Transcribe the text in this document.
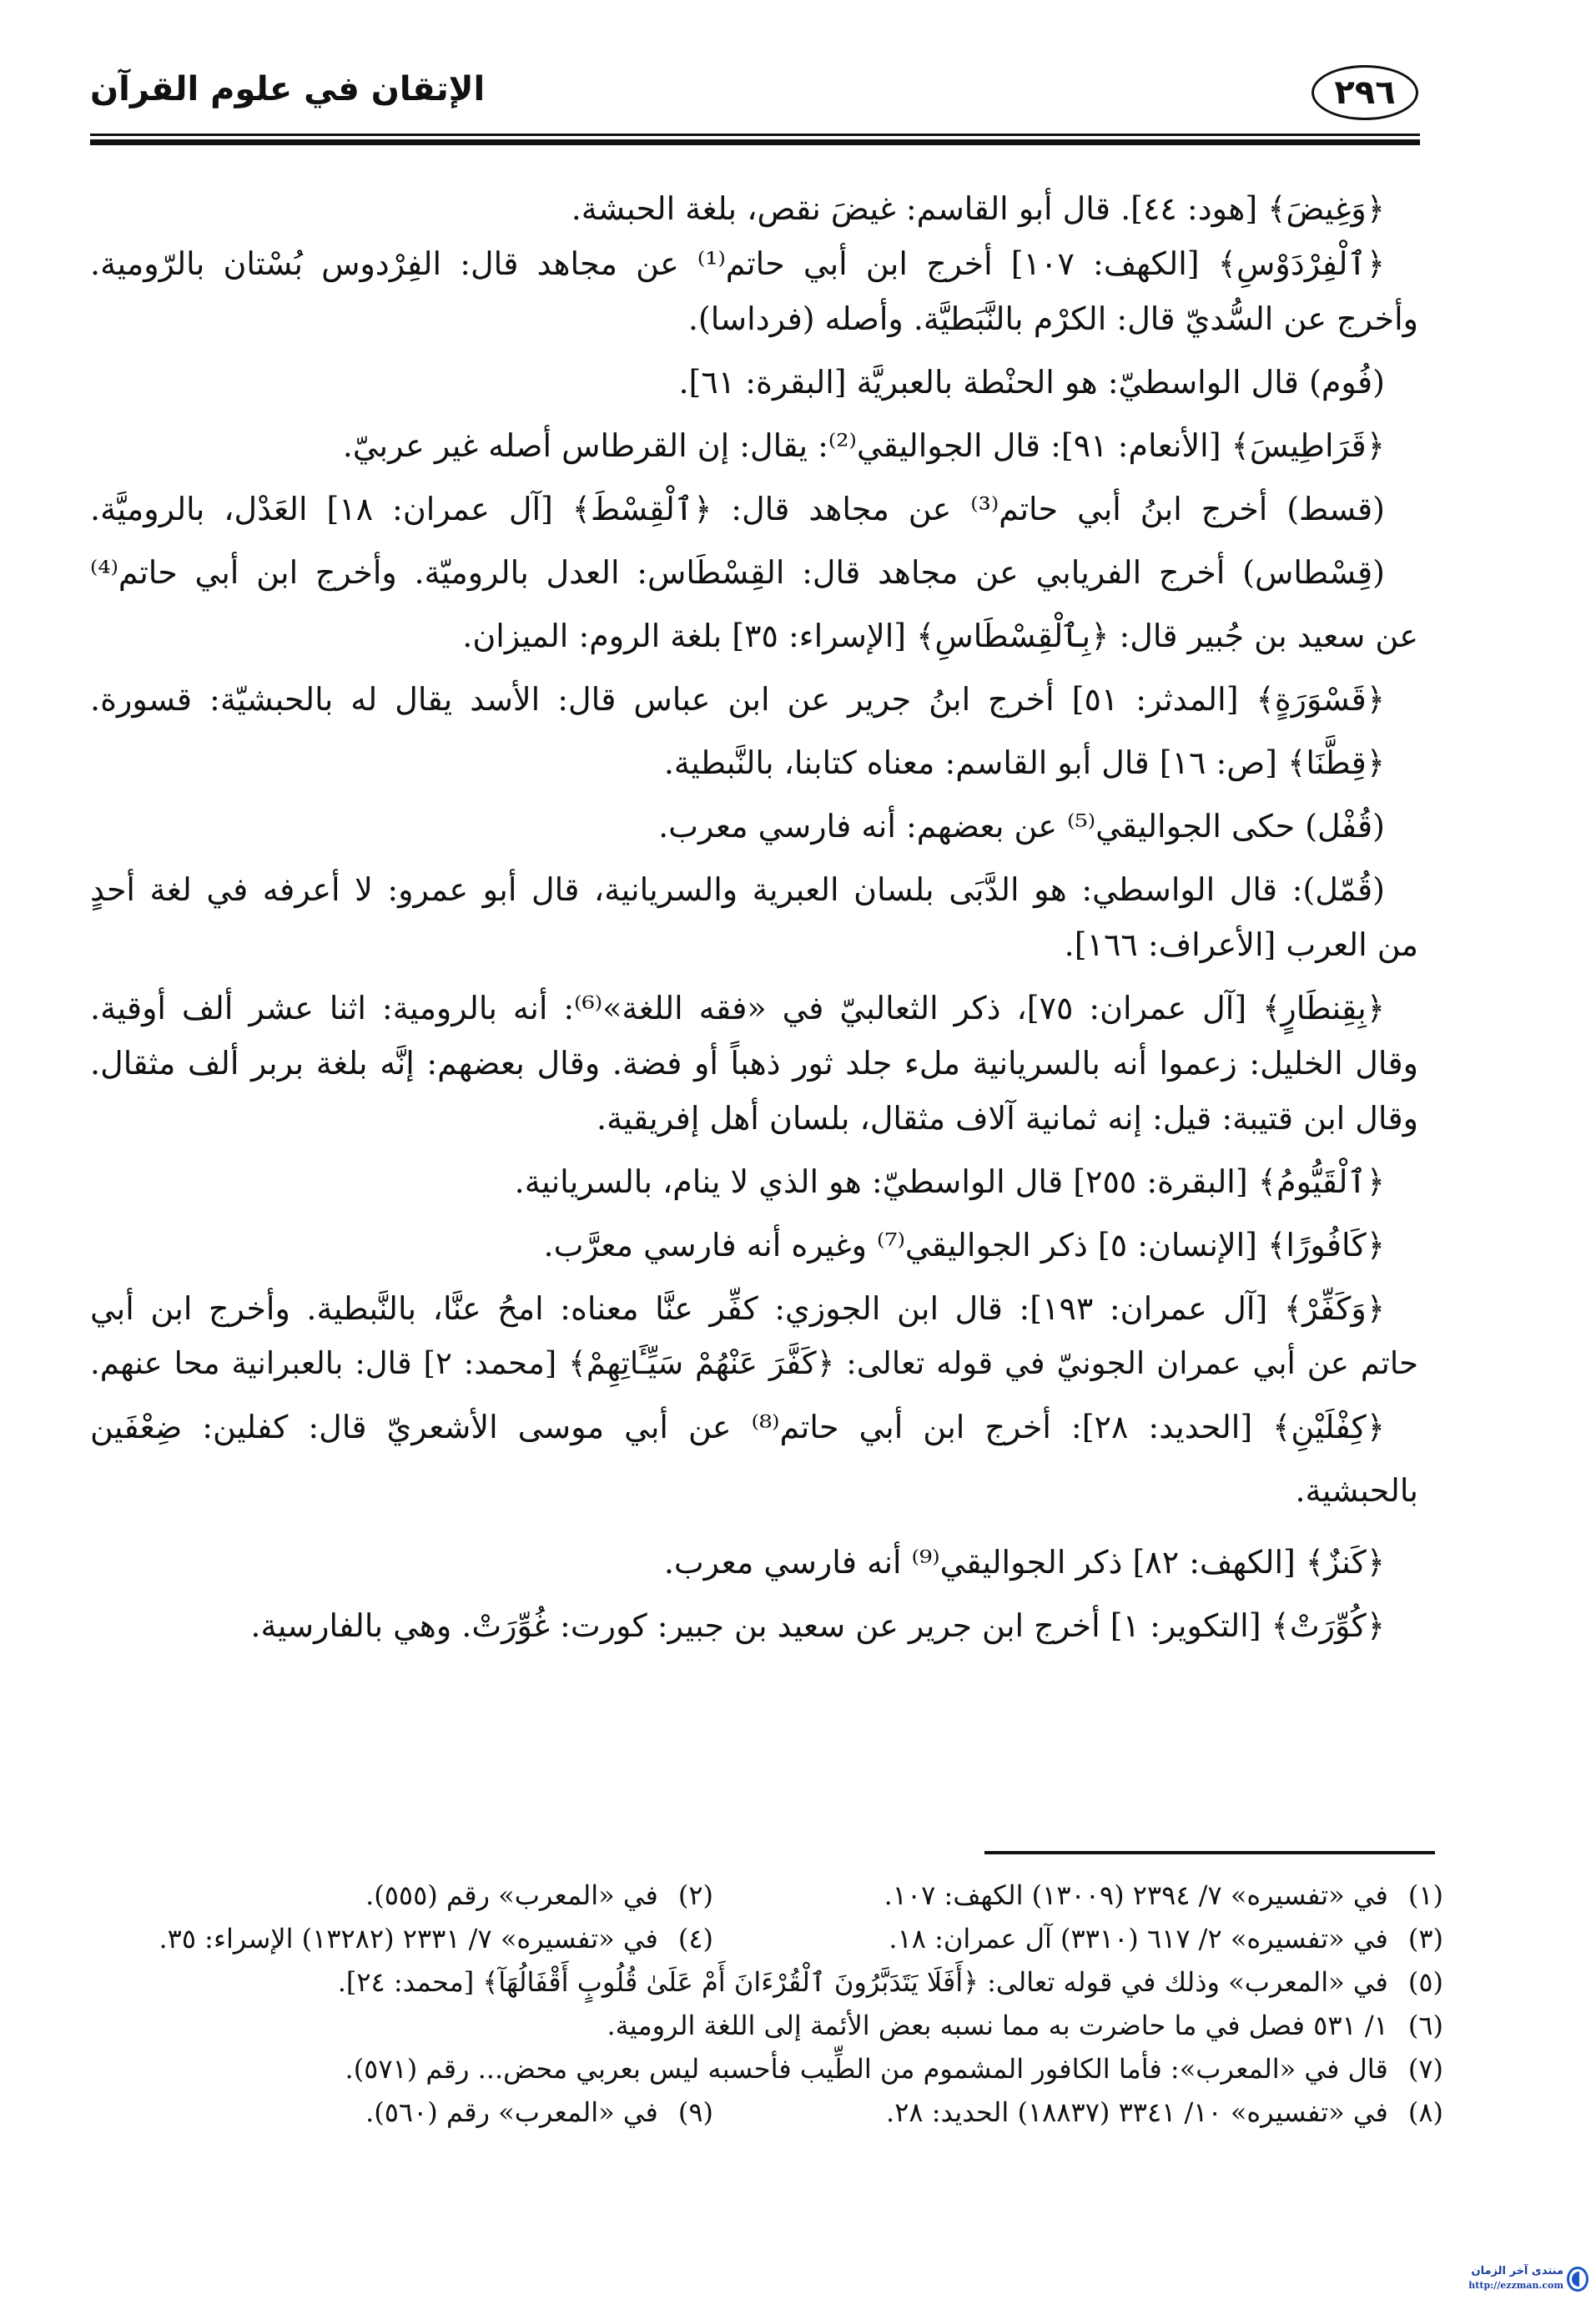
الإتقان في علوم القرآن	٢٩٦
﴿وَغِيضَ﴾ [هود: ٤٤]. قال أبو القاسم: غيضَ نقص، بلغة الحبشة.
﴿ٱلْفِرْدَوْسِ﴾ [الكهف: ١٠٧] أخرج ابن أبي حاتم⁽¹⁾ عن مجاهد قال: الفِرْدوس بُسْتان بالرّومية.
وأخرج عن السُّديّ قال: الكرْم بالنَّبَطيَّة. وأصله (فرداسا).
(فُوم) قال الواسطيّ: هو الحنْطة بالعبريَّة [البقرة: ٦١].
﴿قَرَاطِيسَ﴾ [الأنعام: ٩١]: قال الجواليقي⁽²⁾: يقال: إن القرطاس أصله غير عربيّ.
(قسط) أخرج ابنُ أبي حاتم⁽³⁾ عن مجاهد قال: ﴿ٱلْقِسْطَ﴾ [آل عمران: ١٨] العَدْل، بالروميَّة.
(قِسْطاس) أخرج الفريابي عن مجاهد قال: القِسْطَاس: العدل بالروميّة. وأخرج ابن أبي حاتم⁽⁴⁾
عن سعيد بن جُبير قال: ﴿بِٱلْقِسْطَاسِ﴾ [الإسراء: ٣٥] بلغة الروم: الميزان.
﴿قَسْوَرَةٍ﴾ [المدثر: ٥١] أخرج ابنُ جرير عن ابن عباس قال: الأسد يقال له بالحبشيّة: قسورة.
﴿قِطَّنَا﴾ [ص: ١٦] قال أبو القاسم: معناه كتابنا، بالنَّبطية.
(قُفْل) حكى الجواليقي⁽⁵⁾ عن بعضهم: أنه فارسي معرب.
(قُمّل): قال الواسطي: هو الدَّبَى بلسان العبرية والسريانية، قال أبو عمرو: لا أعرفه في لغة أحدٍ
من العرب [الأعراف: ١٦٦].
﴿بِقِنطَارٍ﴾ [آل عمران: ٧٥]، ذكر الثعالبيّ في «فقه اللغة»⁽⁶⁾: أنه بالرومية: اثنا عشر ألف أوقية.
وقال الخليل: زعموا أنه بالسريانية ملء جلد ثور ذهباً أو فضة. وقال بعضهم: إنَّه بلغة بربر ألف مثقال.
وقال ابن قتيبة: قيل: إنه ثمانية آلاف مثقال، بلسان أهل إفريقية.
﴿ٱلْقَيُّومُ﴾ [البقرة: ٢٥٥] قال الواسطيّ: هو الذي لا ينام، بالسريانية.
﴿كَافُورًا﴾ [الإنسان: ٥] ذكر الجواليقي⁽⁷⁾ وغيره أنه فارسي معرَّب.
﴿وَكَفِّرْ﴾ [آل عمران: ١٩٣]: قال ابن الجوزي: كفِّر عنَّا معناه: امحُ عنَّا، بالنَّبطية. وأخرج ابن أبي
حاتم عن أبي عمران الجونيّ في قوله تعالى: ﴿كَفَّرَ عَنْهُمْ سَيِّـَٔاتِهِمْ﴾ [محمد: ٢] قال: بالعبرانية محا عنهم.
﴿كِفْلَيْنِ﴾ [الحديد: ٢٨]: أخرج ابن أبي حاتم⁽⁸⁾ عن أبي موسى الأشعريّ قال: كفلين: ضِعْفَين
بالحبشية.
﴿كَنزٌ﴾ [الكهف: ٨٢] ذكر الجواليقي⁽⁹⁾ أنه فارسي معرب.
﴿كُوِّرَتْ﴾ [التكوير: ١] أخرج ابن جرير عن سعيد بن جبير: كورت: غُوِّرَتْ. وهي بالفارسية.
(١) في «تفسيره» ٧/ ٢٣٩٤ (١٣٠٠٩) الكهف: ١٠٧.
(٢) في «المعرب» رقم (٥٥٥).
(٣) في «تفسيره» ٢/ ٦١٧ (٣٣١٠) آل عمران: ١٨.
(٤) في «تفسيره» ٧/ ٢٣٣١ (١٣٢٨٢) الإسراء: ٣٥.
(٥) في «المعرب» وذلك في قوله تعالى: ﴿أَفَلَا يَتَدَبَّرُونَ ٱلْقُرْءَانَ أَمْ عَلَىٰ قُلُوبٍ أَقْفَالُهَآ﴾ [محمد: ٢٤].
(٦) ١/ ٥٣١ فصل في ما حاضرت به مما نسبه بعض الأئمة إلى اللغة الرومية.
(٧) قال في «المعرب»: فأما الكافور المشموم من الطِّيب فأحسبه ليس بعربي محض... رقم (٥٧١).
(٨) في «تفسيره» ١٠/ ٣٣٤١ (١٨٨٣٧) الحديد: ٢٨.
(٩) في «المعرب» رقم (٥٦٠).
منتدى آخر الزمان
http://ezzman.com
